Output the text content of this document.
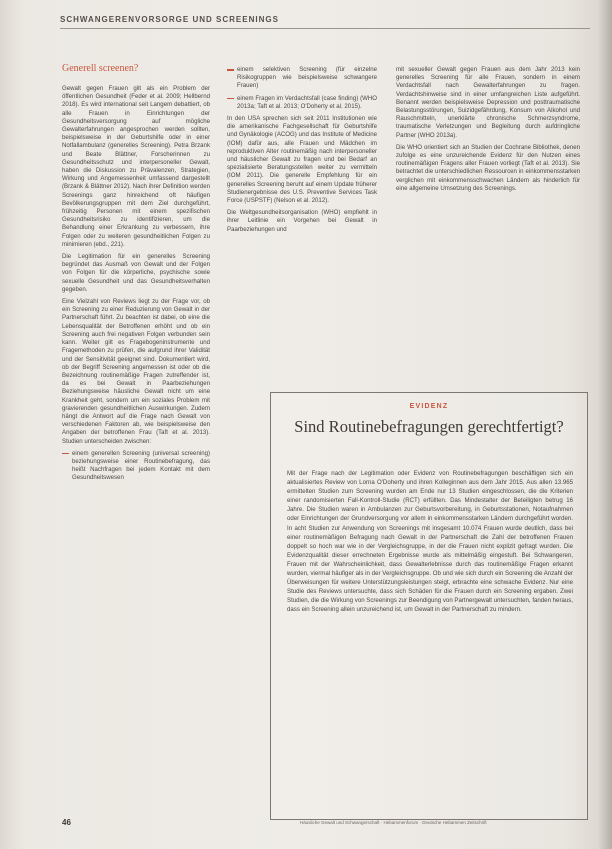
SCHWANGERENVORSORGE UND SCREENINGS
Generell screenen?

Gewalt gegen Frauen gilt als ein Problem der öffentlichen Gesundheit (Feder et al. 2009; Hellbernd 2018). Es wird international seit Langem debattiert, ob alle Frauen in Einrichtungen der Gesundheitsversorgung auf mögliche Gewalterfahrungen angesprochen werden sollten, beispielsweise in der Geburtshilfe oder in einer Notfallambulanz (generelles Screening). Petra Brzank und Beate Blättner, Forscherinnen zu Gesundheitsschutz und interpersoneller Gewalt, haben die Diskussion zu Prävalenzen, Strategien, Wirkung und Angemessenheit umfassend dargestellt (Brzank & Blättner 2012). Nach ihrer Definition werden Screenings ganz hinreichend oft häufigen Bevölkerungsgruppen mit dem Ziel durchgeführt, frühzeitig Personen mit einem spezifischen Gesundheitsrisiko zu identifizieren, um die Behandlung einer Erkrankung zu verbessern, ihre Folgen oder zu weiteren gesundheitlichen Folgen zu minimieren (ebd., 221).

Die Legitimation für ein generelles Screening begründet das Ausmaß von Gewalt und der Folgen von Folgen für die körperliche, psychische sowie sexuelle Gesundheit und das Gesundheitsverhalten gegeben.

Eine Vielzahl von Reviews liegt zu der Frage vor, ob ein Screening zu einer Reduzierung von Gewalt in der Partnerschaft führt. Zu beachten ist dabei, ob eine die Lebensqualität der Betroffenen erhöht und ob ein Screening auch frei negativen Folgen verbunden sein kann. Weiter gilt es Fragebogeninstrumente und Fragemethoden zu prüfen, die aufgrund ihrer Validität und der Sensitivität geeignet sind. Dokumentiert wird, ob der Begriff Screening angemessen ist oder ob die Bezeichnung routinemäßige Fragen zutreffender ist, da es bei Gewalt in Paarbeziehungen Beziehungsweise häusliche Gewalt nicht um eine Krankheit geht, sondern um ein soziales Problem mit gravierenden gesundheitlichen Auswirkungen. Zudem hängt die Antwort auf die Frage nach Gewalt von verschiedenen Faktoren ab, wie beispielsweise den Angaben der betroffenen Frau (Taft et al. 2013). Studien unterscheiden zwischen:

einem generellen Screening (universal screening) beziehungsweise einer Routinebefragung, das heißt Nachfragen bei jedem Kontakt mit dem Gesundheitswesen
einem selektiven Screening (für einzelne Risikogruppen wie beispielsweise schwangere Frauen)
einem Fragen im Verdachtsfall (case finding) (WHO 2013a; Taft et al. 2013; O'Doherty et al. 2015).

In den USA sprechen sich seit 2011 Institutionen wie die amerikanische Fachgesellschaft für Geburtshilfe und Gynäkologie (ACOG) und das Institute of Medicine (IOM) dafür aus, alle Frauen und Mädchen im reproduktiven Alter routinemäßig nach interpersoneller und häuslicher Gewalt zu fragen und bei Bedarf an spezialisierte Beratungsstellen weiter zu vermitteln (IOM 2011). Die generelle Empfehlung für ein generelles Screening beruht auf einem Update früherer Studienergebnisse des U.S. Preventive Services Task Force (USPSTF) (Nelson et al. 2012).

Die Weltgesundheitsorganisation (WHO) empfiehlt in ihrer Leitlinie ein Vorgehen bei Gewalt in Paarbeziehungen und

mit sexueller Gewalt gegen Frauen aus dem Jahr 2013 kein generelles Screening für alle Frauen, sondern in einem Verdachtsfall nach Gewalterfahrungen zu fragen. Verdachtshinweise sind in einer umfangreichen Liste aufgeführt. Benannt werden beispielsweise Depression und posttraumatische Belastungsstörungen, Suizidgefährdung, Konsum von Alkohol und Rauschmitteln, unerklärte chronische Schmerzsyndrome, traumatische Verletzungen und Begleitung durch aufdringliche Partner (WHO 2013a).

Die WHO orientiert sich an Studien der Cochrane Bibliothek, denen zufolge es eine unzureichende Evidenz für den Nutzen eines routinemäßigen Fragens aller Frauen vorliegt (Taft et al. 2013). Sie betrachtet die unterschiedlichen Ressourcen in einkommensstarken verglichen mit einkommensschwachen Ländern als hinderlich für eine allgemeine Umsetzung des Screenings.

EVIDENZ
Sind Routinebefragungen gerechtfertigt?

Mit der Frage nach der Legitimation oder Evidenz von Routinebefragungen beschäftigen sich ein aktualisiertes Review von Lorna O'Doherty und ihren Kolleginnen aus dem Jahr 2015. Aus allen 13.965 ermittelten Studien zum Screening wurden am Ende nur 13 Studien eingeschlossen, die die Kriterien einer randomisierten Fall-Kontroll-Studie (RCT) erfüllten. Das Mindestalter der Beteiligten betrug 16 Jahre. Die Studien waren in Ambulanzen zur Geburtsvorbereitung, in Geburtsstationen, Notaufnahmen oder Einrichtungen der Grundversorgung vor allem in einkommensstarken Ländern durchgeführt worden. In acht Studien zur Anwendung von Screenings mit insgesamt 10.074 Frauen wurde deutlich, dass bei einer routinemäßigen Befragung nach Gewalt in der Partnerschaft die Zahl der betroffenen Frauen doppelt so hoch war wie in der Vergleichsgruppe, in der die Frauen nicht explizit gefragt wurden. Die Evidenzqualität dieser errechneten Ergebnisse wurde als mittelmäßig eingestuft. Bei Schwangeren, Frauen mit der Wahrscheinlichkeit, dass Gewalterlebnisse durch das routinemäßige Fragen erkannt wurden, viermal häufiger als in der Vergleichsgruppe. Ob und wie sich durch ein Screening die Anzahl der Überweisungen für weitere Unterstützungsleistungen steigt, erbrachte eine schwache Evidenz. Nur eine Studie des Reviews untersuchte, dass sich Schäden für die Frauen durch ein Screening ergaben. Zwei Studien, die die Wirkung von Screenings zur Beendigung von Partnergewalt untersuchten, fanden heraus, dass ein Screening allein unzureichend ist, um Gewalt in der Partnerschaft zu mindern.

46	Häusliche Gewalt und Schwangerschaft · Hebammenforum · Deutsche Hebammen Zeitschrift
